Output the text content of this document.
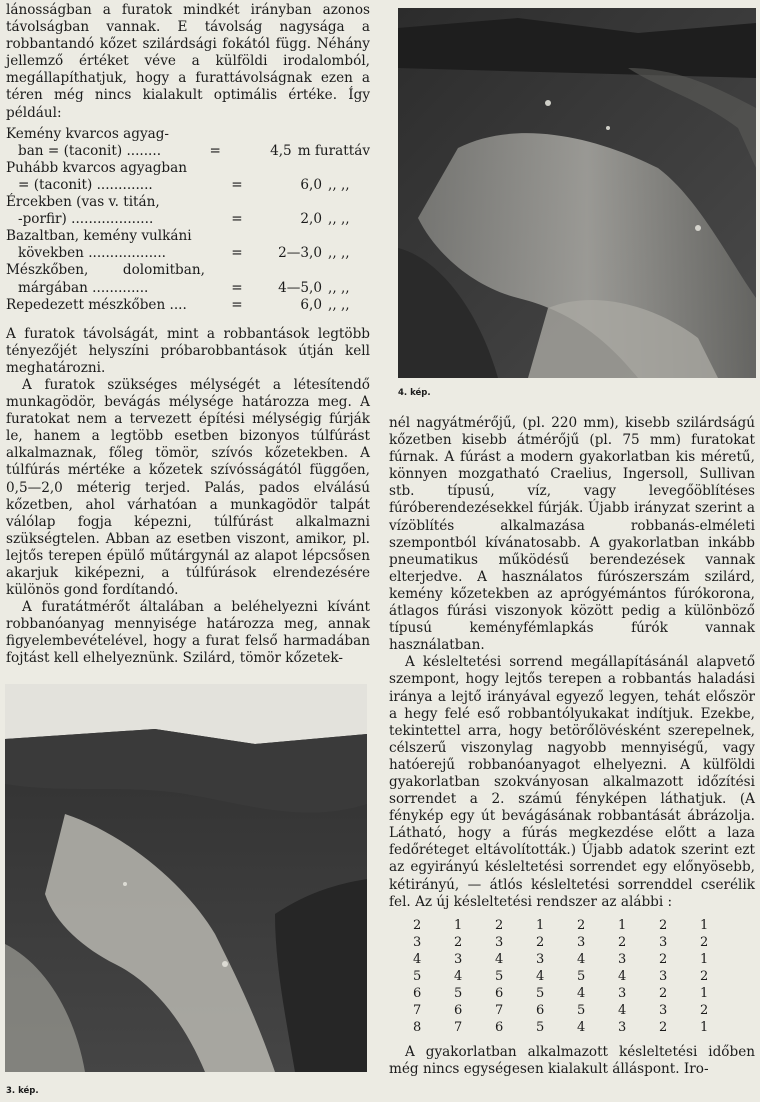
4. kép.
3. kép.

lánosságban a furatok mindkét irányban azonos távolságban vannak. E távolság nagysága a robbantandó kőzet szilárdsági fokától függ. Néhány jellemző értéket véve a külföldi irodalomból, megállapíthatjuk, hogy a furattávolságnak ezen a téren még nincs kialakult optimális értéke. Így például:

Kemény kvarcos agyag-
ban = (taconit) ........	=	4,5 m furattáv
Puhább kvarcos agyagban
= (taconit) .............	=	6,0 ,, ,,
Ércekben (vas v. titán,
-porfir) ...................	=	2,0 ,, ,,
Bazaltban, kemény vulkáni
kövekben ..................	=	2—3,0 ,, ,,
Mészkőben,        dolomitban,
márgában .............	=	4—5,0 ,, ,,
Repedezett mészkőben ....	=	6,0 ,, ,,

A furatok távolságát, mint a robbantások legtöbb tényezőjét helyszíni próbarobbantások útján kell meghatározni.

A furatok szükséges mélységét a létesítendő munkagödör, bevágás mélysége határozza meg. A furatokat nem a tervezett építési mélységig fúrják le, hanem a legtöbb esetben bizonyos túlfúrást alkalmaznak, főleg tömör, szívós kőzetekben. A túlfúrás mértéke a kőzetek szívósságától függően, 0,5—2,0 méterig terjed. Palás, pados elválású kőzetben, ahol várhatóan a munkagödör talpát válólap fogja képezni, túlfúrást alkalmazni szükségtelen. Abban az esetben viszont, amikor, pl. lejtős terepen épülő műtárgynál az alapot lépcsősen akarjuk kiképezni, a túlfúrások elrendezésére különös gond fordítandó.

A furatátmérőt általában a beléhelyezni kívánt robbanóanyag mennyisége határozza meg, annak figyelembevételével, hogy a furat felső harmadában fojtást kell elhelyeznünk. Szilárd, tömör kőzetek-

nél nagyátmérőjű, (pl. 220 mm), kisebb szilárdságú kőzetben kisebb átmérőjű (pl. 75 mm) furatokat fúrnak. A fúrást a modern gyakorlatban kis méretű, könnyen mozgatható Craelius, Ingersoll, Sullivan stb. típusú, víz, vagy levegőöblítéses fúróberendezésekkel fúrják. Újabb irányzat szerint a vízöblítés alkalmazása robbanás-elméleti szempontból kívánatosabb. A gyakorlatban inkább pneumatikus működésű berendezések vannak elterjedve. A használatos fúrószerszám szilárd, kemény kőzetekben az aprógyémántos fúrókorona, átlagos fúrási viszonyok között pedig a különböző típusú keményfémlapkás fúrók vannak használatban.

A késleltetési sorrend megállapításánál alapvető szempont, hogy lejtős terepen a robbantás haladási iránya a lejtő irányával egyező legyen, tehát először a hegy felé eső robbantólyukakat indítjuk. Ezekbe, tekintettel arra, hogy betörőlövésként szerepelnek, célszerű viszonylag nagyobb mennyiségű, vagy hatóerejű robbanóanyagot elhelyezni. A külföldi gyakorlatban szokványosan alkalmazott időzítési sorrendet a 2. számú fényképen láthatjuk. (A fénykép egy út bevágásának robbantását ábrázolja. Látható, hogy a fúrás megkezdése előtt a laza fedőréteget eltávolították.) Újabb adatok szerint ezt az egyirányú késleltetési sorrendet egy előnyösebb, kétirányú, — átlós késleltetési sorrenddel cserélik fel. Az új késleltetési rendszer az alábbi :

2	1	2	1	2	1	2	1
3	2	3	2	3	2	3	2
4	3	4	3	4	3	2	1
5	4	5	4	5	4	3	2
6	5	6	5	4	3	2	1
7	6	7	6	5	4	3	2
8	7	6	5	4	3	2	1

A gyakorlatban alkalmazott késleltetési időben még nincs egységesen kialakult álláspont. Iro-
